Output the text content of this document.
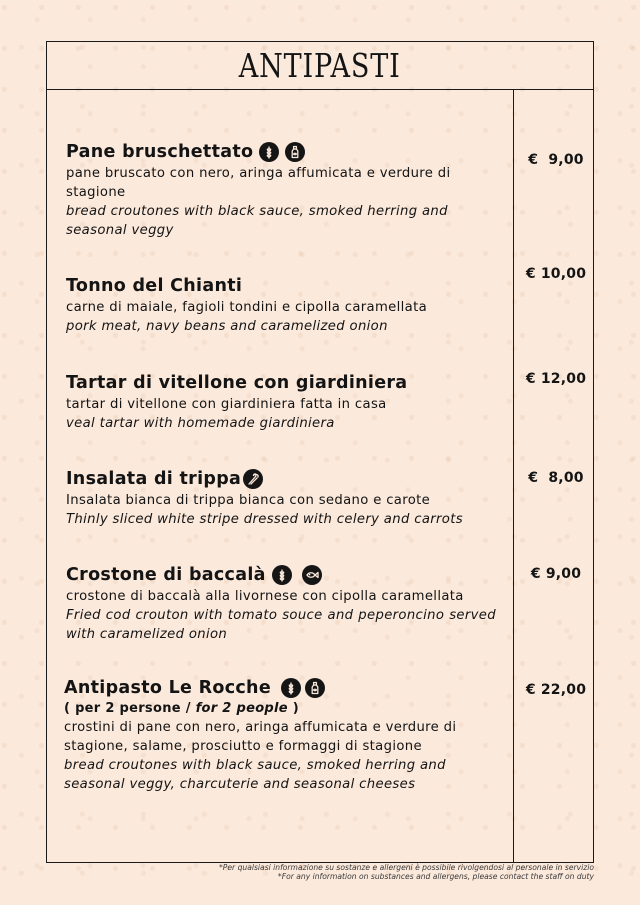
ANTIPASTI
Pane bruschettato
pane bruscato con nero, aringa affumicata e verdure di stagione
bread croutones with black sauce, smoked herring and seasonal veggy
€  9,00
Tonno del Chianti
carne di maiale, fagioli tondini e cipolla caramellata
pork meat, navy beans and caramelized onion
€ 10,00
Tartar di vitellone con giardiniera
tartar di vitellone con giardiniera fatta in casa
veal tartar with homemade giardiniera
€ 12,00
Insalata di trippa
Insalata bianca di trippa bianca con sedano e carote
Thinly sliced white stripe dressed with celery and carrots
€  8,00
Crostone di baccalà
crostone di baccalà alla livornese con cipolla caramellata
Fried cod crouton with tomato souce and peperoncino served with caramelized onion
€ 9,00
Antipasto Le Rocche
( per 2 persone / for 2 people )
crostini di pane con nero, aringa affumicata e verdure di stagione, salame, prosciutto e formaggi di stagione
bread croutones with black sauce, smoked herring and seasonal veggy, charcuterie and seasonal cheeses
€ 22,00
*Per qualsiasi informazione su sostanze e allergeni è possibile rivolgendosi al personale in servizio
*For any information on substances and allergens, please contact the staff on duty
